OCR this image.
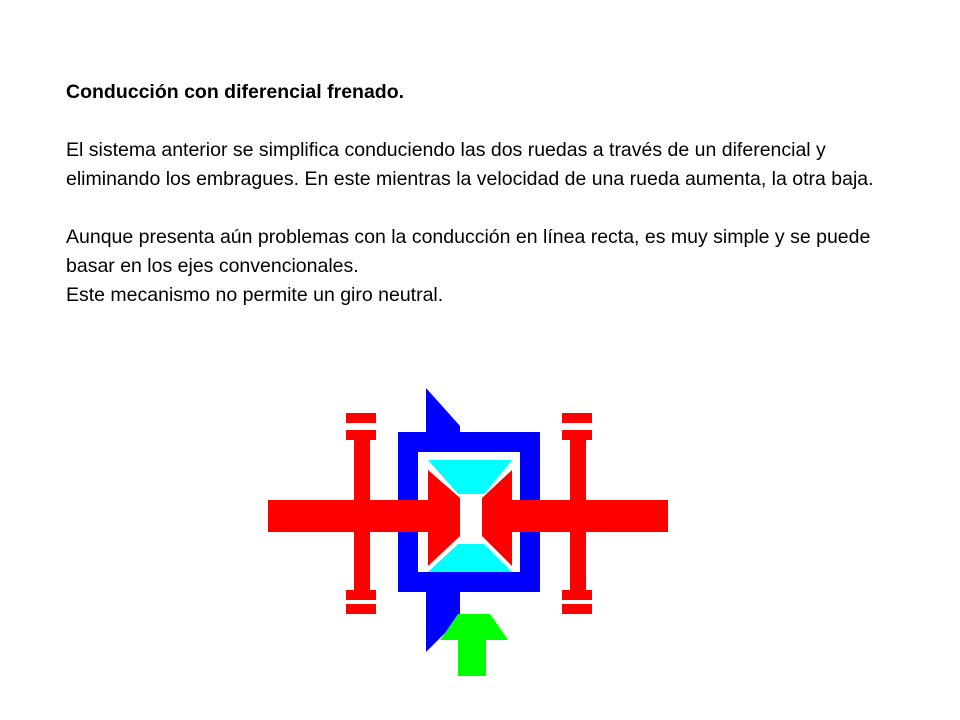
Conducción con diferencial frenado.

El sistema anterior se simplifica conduciendo las dos ruedas a través de un diferencial y eliminando los embragues. En este mientras la velocidad de una rueda aumenta, la otra baja.

Aunque presenta aún problemas con la conducción en línea recta, es muy simple y se puede basar en los ejes convencionales.

Este mecanismo no permite un giro neutral.
